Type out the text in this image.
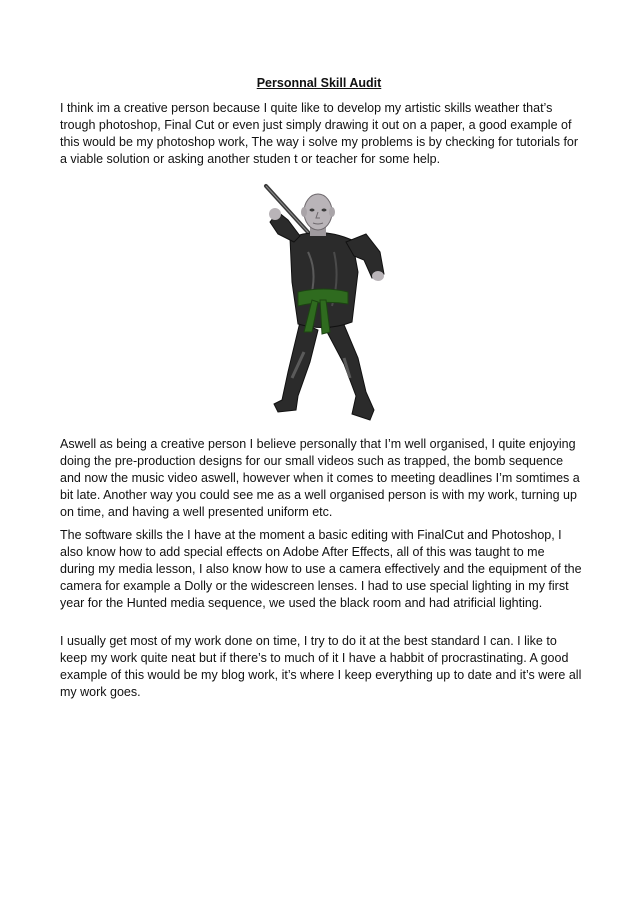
Personnal Skill Audit

I think im a creative person because I quite like to develop my artistic skills weather that’s trough photoshop, Final Cut or even just simply drawing it out on a paper, a good example of this would be my photoshop work, The way i solve my problems is by checking for tutorials for a viable solution or asking another studen t or teacher for some help.

Aswell as being a creative person I believe personally that I’m well organised, I quite enjoying doing the pre-production designs for our small videos such as trapped, the bomb sequence and now the music video aswell, however when it comes to meeting deadlines I’m somtimes a bit late. Another way you could see me as a well organised person is with my work, turning up on time, and having a well presented uniform etc.

The software skills the I have at the moment a basic editing with FinalCut and Photoshop, I also know how to add special effects on Adobe After Effects, all of this was taught to me during my media lesson, I also know how to use a camera effectively and the equipment of the camera for example a Dolly or the widescreen lenses. I had to use special lighting in my first year for the Hunted media sequence, we used the black room and had atrificial lighting.

I usually get most of my work done on time, I try to do it at the best standard I can. I like to keep my work quite neat but if there’s to much of it I have a habbit of procrastinating. A good example of this would be my blog work, it’s where I keep everything up to date and it’s were all my work goes.
